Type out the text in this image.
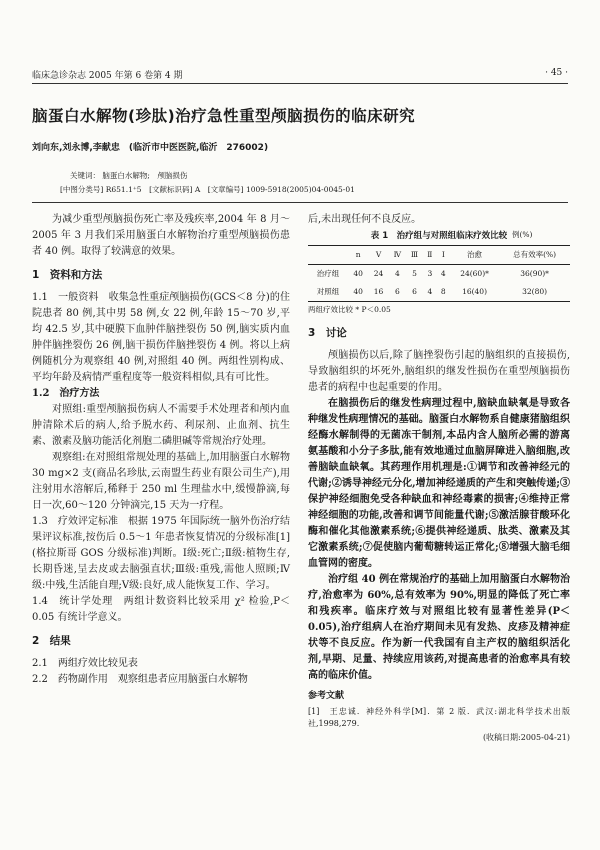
临床急诊杂志 2005 年第 6 卷第 4 期	· 45 ·
脑蛋白水解物(珍肽)治疗急性重型颅脑损伤的临床研究
刘向东,刘永博,李献忠　(临沂市中医医院,临沂　276002)
关键词： 脑蛋白水解物;　颅脑损伤
[中图分类号] R651.1⁺5　[文献标识码] A　[文章编号] 1009-5918(2005)04-0045-01

为减少重型颅脑损伤死亡率及残疾率,2004 年 8 月～2005 年 3 月我们采用脑蛋白水解物治疗重型颅脑损伤患者 40 例。取得了较满意的效果。

1　资料和方法

1.1　一般资料　收集急性重症颅脑损伤(GCS＜8 分)的住院患者 80 例,其中男 58 例,女 22 例,年龄 15～70 岁,平均 42.5 岁,其中硬膜下血肿伴脑挫裂伤 50 例,脑实质内血肿伴脑挫裂伤 26 例,脑干损伤伴脑挫裂伤 4 例。将以上病例随机分为观察组 40 例,对照组 40 例。两组性别构成、平均年龄及病情严重程度等一般资料相似,具有可比性。

1.2　治疗方法

对照组:重型颅脑损伤病人不需要手术处理者和颅内血肿清除术后的病人,给予脱水药、利尿剂、止血剂、抗生素、激素及脑功能活化剂胞二磷胆碱等常规治疗处理。

观察组:在对照组常规处理的基础上,加用脑蛋白水解物 30 mg×2 支(商品名珍肽,云南盟生药业有限公司生产),用注射用水溶解后,稀释于 250 ml 生理盐水中,缓慢静滴,每日一次,60～120 分钟滴完,15 天为一疗程。

1.3　疗效评定标准　根据 1975 年国际统一脑外伤治疗结果评议标准,按伤后 0.5～1 年患者恢复情况的分级标准[1](格拉斯哥 GOS 分级标准)判断。Ⅰ级:死亡;Ⅱ级:植物生存,长期昏迷,呈去皮或去脑强直状;Ⅲ级:重残,需他人照顾;Ⅳ级:中残,生活能自理;Ⅴ级:良好,成人能恢复工作、学习。

1.4　统计学处理　两组计数资料比较采用 χ² 检验,P＜0.05 有统计学意义。

2　结果

2.1　两组疗效比较见表

2.2　药物副作用　观察组患者应用脑蛋白水解物

后,未出现任何不良反应。

表 1　治疗组与对照组临床疗效比较

	n	Ⅴ	Ⅳ	Ⅲ	Ⅱ	Ⅰ	治愈	总有效率(%)
治疗组	40	24	4	5	3	4	24(60)*	36(90)*
对照组	40	16	6	6	4	8	16(40)	32(80)

两组疗效比较 * P＜0.05

3　讨论

颅脑损伤以后,除了脑挫裂伤引起的脑组织的直接损伤,导致脑组织的坏死外,脑组织的继发性损伤在重型颅脑损伤患者的病程中也起重要的作用。

在脑损伤后的继发性病理过程中,脑缺血缺氧是导致各种继发性病理情况的基础。脑蛋白水解物系自健康猪脑组织经酶水解制得的无菌冻干制剂,本品内含人脑所必需的游离氨基酸和小分子多肽,能有效地通过血脑屏障进入脑细胞,改善脑缺血缺氧。其药理作用机理是:①调节和改善神经元的代谢;②诱导神经元分化,增加神经递质的产生和突触传递;③保护神经细胞免受各种缺血和神经毒素的损害;④维持正常神经细胞的功能,改善和调节间能量代谢;⑤激活腺苷酸环化酶和催化其他激素系统;⑥提供神经递质、肽类、激素及其它激素系统;⑦促使脑内葡萄糖转运正常化;⑧增强大脑毛细血管网的密度。

治疗组 40 例在常规治疗的基础上加用脑蛋白水解物治疗,治愈率为 60%,总有效率为 90%,明显的降低了死亡率和残疾率。临床疗效与对照组比较有显著性差异(P＜0.05),治疗组病人在治疗期间未见有发热、皮疹及精神症状等不良反应。作为新一代我国有自主产权的脑组织活化剂,早期、足量、持续应用该药,对提高患者的治愈率具有较高的临床价值。

参考文献

[1]　王忠诚．神经外科学[M]．第 2 版．武汉:湖北科学技术出版社,1998,279.

(收稿日期:2005-04-21)

例(%)
